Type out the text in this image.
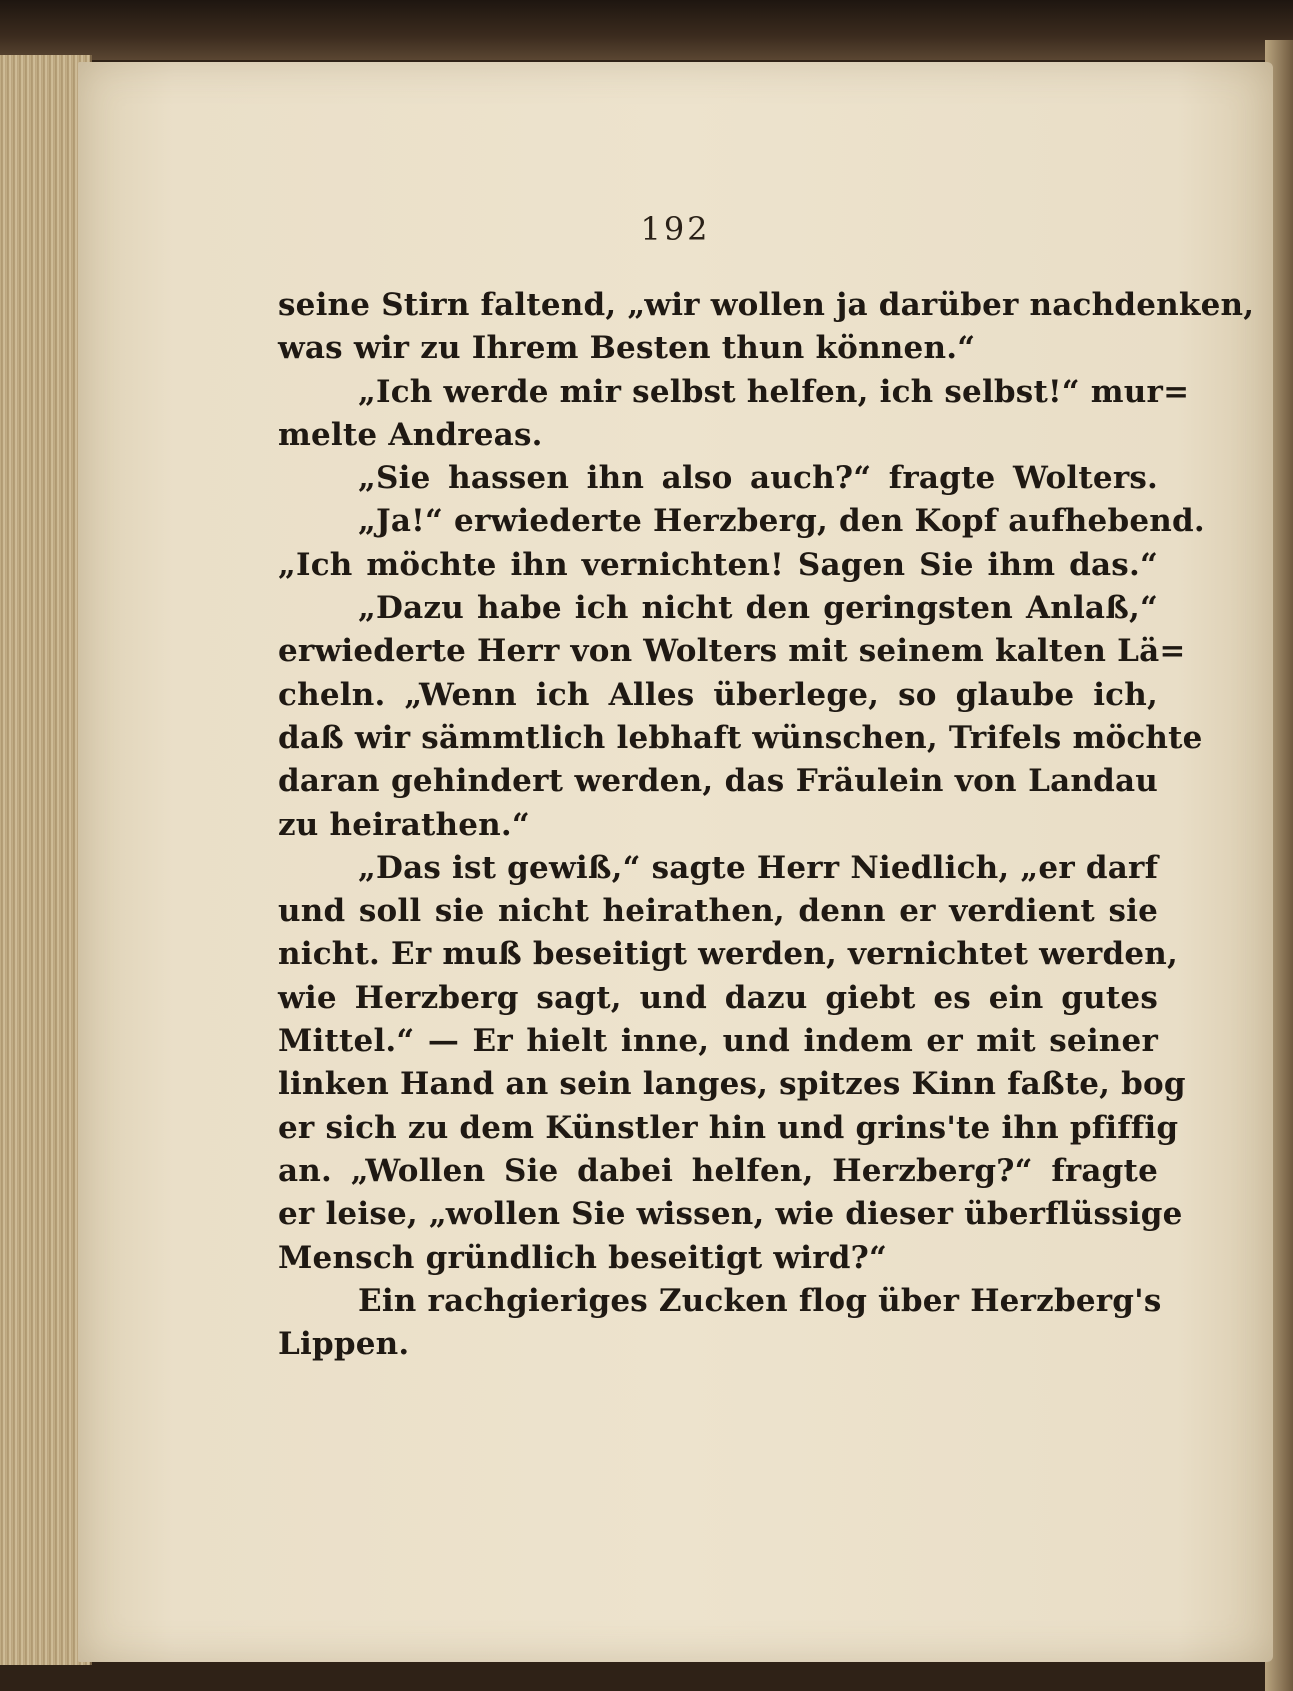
192
seine Stirn faltend, „wir wollen ja darüber nachdenken,
was wir zu Ihrem Besten thun können.“
„Ich werde mir selbst helfen, ich selbst!“ mur=
melte Andreas.
„Sie hassen ihn also auch?“ fragte Wolters.
„Ja!“ erwiederte Herzberg, den Kopf aufhebend.
„Ich möchte ihn vernichten! Sagen Sie ihm das.“
„Dazu habe ich nicht den geringsten Anlaß,“
erwiederte Herr von Wolters mit seinem kalten Lä=
cheln. „Wenn ich Alles überlege, so glaube ich,
daß wir sämmtlich lebhaft wünschen, Trifels möchte
daran gehindert werden, das Fräulein von Landau
zu heirathen.“
„Das ist gewiß,“ sagte Herr Niedlich, „er darf
und soll sie nicht heirathen, denn er verdient sie
nicht. Er muß beseitigt werden, vernichtet werden,
wie Herzberg sagt, und dazu giebt es ein gutes
Mittel.“ — Er hielt inne, und indem er mit seiner
linken Hand an sein langes, spitzes Kinn faßte, bog
er sich zu dem Künstler hin und grins'te ihn pfiffig
an. „Wollen Sie dabei helfen, Herzberg?“ fragte
er leise, „wollen Sie wissen, wie dieser überflüssige
Mensch gründlich beseitigt wird?“
Ein rachgieriges Zucken flog über Herzberg's
Lippen.
